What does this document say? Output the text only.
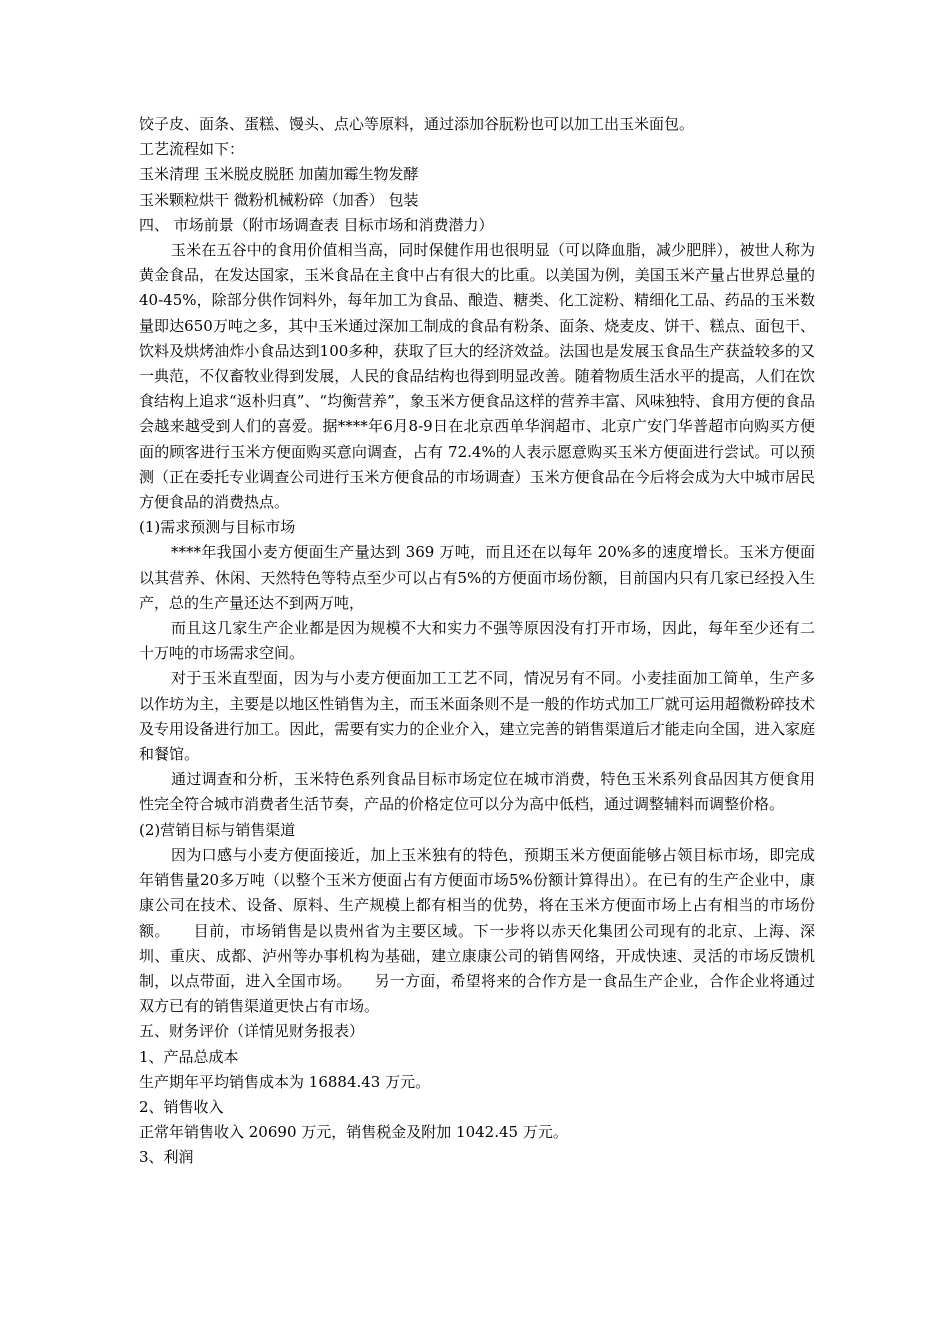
饺子皮、面条、蛋糕、馒头、点心等原料，通过添加谷朊粉也可以加工出玉米面包。

工艺流程如下：

玉米清理 玉米脱皮脱胚 加菌加霉生物发酵

玉米颗粒烘干 微粉机械粉碎（加香） 包装

四、 市场前景（附市场调查表 目标市场和消费潜力）

玉米在五谷中的食用价值相当高，同时保健作用也很明显（可以降血脂，减少肥胖），被世人称为黄金食品，在发达国家，玉米食品在主食中占有很大的比重。以美国为例，美国玉米产量占世界总量的40-45%，除部分供作饲料外，每年加工为食品、酿造、糖类、化工淀粉、精细化工品、药品的玉米数量即达650万吨之多，其中玉米通过深加工制成的食品有粉条、面条、烧麦皮、饼干、糕点、面包干、饮料及烘烤油炸小食品达到100多种，获取了巨大的经济效益。法国也是发展玉食品生产获益较多的又一典范，不仅畜牧业得到发展，人民的食品结构也得到明显改善。随着物质生活水平的提高，人们在饮食结构上追求“返朴归真”、“均衡营养”，象玉米方便食品这样的营养丰富、风味独特、食用方便的食品会越来越受到人们的喜爱。据****年6月8-9日在北京西单华润超市、北京广安门华普超市向购买方便面的顾客进行玉米方便面购买意向调查，占有 72.4%的人表示愿意购买玉米方便面进行尝试。可以预测（正在委托专业调查公司进行玉米方便食品的市场调查）玉米方便食品在今后将会成为大中城市居民方便食品的消费热点。

(1)需求预测与目标市场

****年我国小麦方便面生产量达到 369 万吨，而且还在以每年 20%多的速度增长。玉米方便面以其营养、休闲、天然特色等特点至少可以占有5%的方便面市场份额，目前国内只有几家已经投入生产，总的生产量还达不到两万吨，

而且这几家生产企业都是因为规模不大和实力不强等原因没有打开市场，因此，每年至少还有二十万吨的市场需求空间。

对于玉米直型面，因为与小麦方便面加工工艺不同，情况另有不同。小麦挂面加工简单，生产多以作坊为主，主要是以地区性销售为主，而玉米面条则不是一般的作坊式加工厂就可运用超微粉碎技术及专用设备进行加工。因此，需要有实力的企业介入，建立完善的销售渠道后才能走向全国，进入家庭和餐馆。

通过调查和分析，玉米特色系列食品目标市场定位在城市消费，特色玉米系列食品因其方便食用性完全符合城市消费者生活节奏，产品的价格定位可以分为高中低档，通过调整辅料而调整价格。

(2)营销目标与销售渠道

因为口感与小麦方便面接近，加上玉米独有的特色，预期玉米方便面能够占领目标市场，即完成年销售量20多万吨（以整个玉米方便面占有方便面市场5%份额计算得出）。在已有的生产企业中，康康公司在技术、设备、原料、生产规模上都有相当的优势，将在玉米方便面市场上占有相当的市场份额。　　目前，市场销售是以贵州省为主要区域。下一步将以赤天化集团公司现有的北京、上海、深圳、重庆、成都、泸州等办事机构为基础，建立康康公司的销售网络，开成快速、灵活的市场反馈机制，以点带面，进入全国市场。　　另一方面，希望将来的合作方是一食品生产企业，合作企业将通过双方已有的销售渠道更快占有市场。

五、财务评价（详情见财务报表）

1、产品总成本

生产期年平均销售成本为 16884.43 万元。

2、销售收入

正常年销售收入 20690 万元，销售税金及附加 1042.45 万元。

3、利润
